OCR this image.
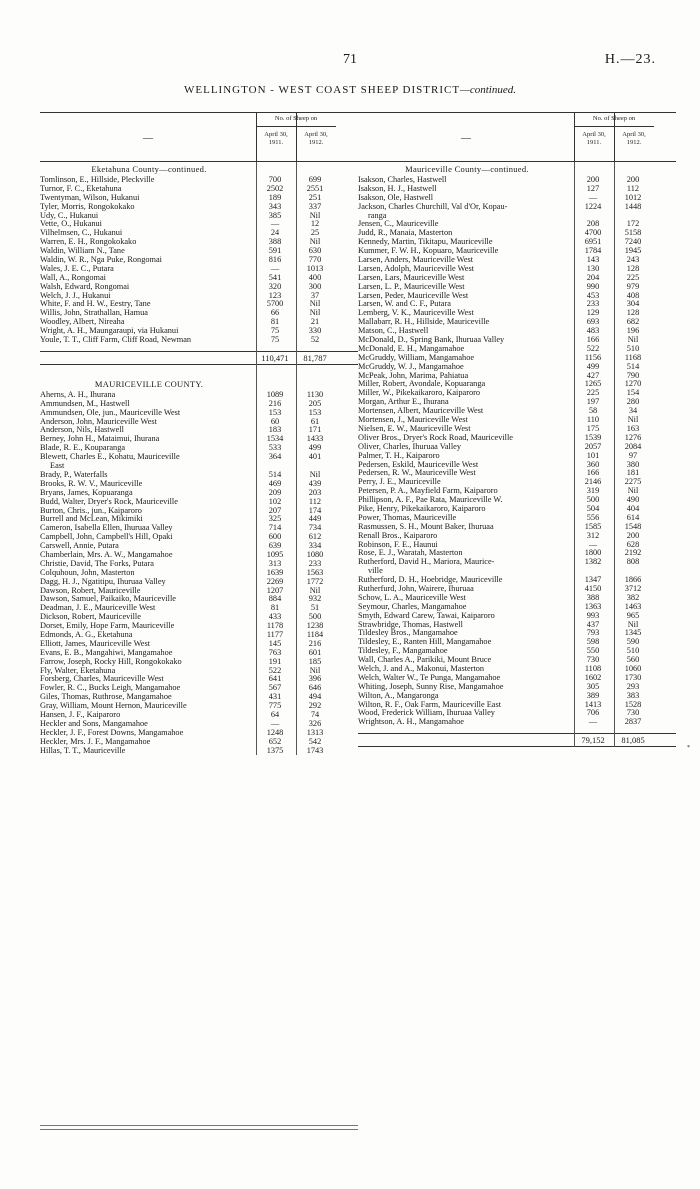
71	H.—23.
WELLINGTON - WEST COAST SHEEP DISTRICT—continued.
—
No. of Sheep on
April 30,
1911.
April 30,
1912.
Eketahuna County—continued.
Tomlinson, E., Hillside, Pleckville	700	699
Turnor, F. C., Eketahuna	2502	2551
Twentyman, Wilson, Hukanui	189	251
Tyler, Morris, Rongokokako	343	337
Udy, C., Hukanui	385	Nil
Vette, O., Hukanui	—	12
Vilhelmsen, C., Hukanui	24	25
Warren, E. H., Rongokokako	388	Nil
Waldin, William N., Tane	591	630
Waldin, W. R., Nga Puke, Rongomai	816	770
Wales, J. E. C., Putara	—	1013
Wall, A., Rongomai	541	400
Walsh, Edward, Rongomai	320	300
Welch, J. J., Hukanui	123	37
White, F. and H. W., Eestry, Tane	5700	Nil
Willis, John, Strathallan, Hamua	66	Nil
Woodley, Albert, Nireaha	81	21
Wright, A. H., Maungaraupi, via Hukanui	75	330
Youle, T. T., Cliff Farm, Cliff Road, Newman	75	52
110,471	81,787
MAURICEVILLE COUNTY.
Aherns, A. H., Ihurana	1089	1130
Ammundsen, M., Hastwell	216	205
Ammundsen, Ole, jun., Mauriceville West	153	153
Anderson, John, Mauriceville West	60	61
Anderson, Nils, Hastwell	183	171
Berney, John H., Mataimui, Ihurana	1534	1433
Blade, R. E., Kouparanga	533	499
Blewett, Charles E., Kohatu, Mauriceville	364	401
East
Brady, P., Waterfalls	514	Nil
Brooks, R. W. V., Mauriceville	469	439
Bryans, James, Kopuaranga	209	203
Budd, Walter, Dryer's Rock, Mauriceville	102	112
Burton, Chris., jun., Kaiparoro	207	174
Burrell and McLean, Mikimiki	325	449
Cameron, Isabella Ellen, Ihuruaa Valley	714	734
Campbell, John, Campbell's Hill, Opaki	600	612
Carswell, Annie, Putara	639	334
Chamberlain, Mrs. A. W., Mangamahoe	1095	1080
Christie, David, The Forks, Putara	313	233
Colquhoun, John, Masterton	1639	1563
Dagg, H. J., Ngatitipu, Ihuruaa Valley	2269	1772
Dawson, Robert, Mauriceville	1207	Nil
Dawson, Samuel, Paikaiko, Mauriceville	884	932
Deadman, J. E., Mauriceville West	81	51
Dickson, Robert, Mauriceville	433	500
Dorset, Emily, Hope Farm, Mauriceville	1178	1238
Edmonds, A. G., Eketahuna	1177	1184
Elliott, James, Mauriceville West	145	216
Evans, E. B., Mangahiwi, Mangamahoe	763	601
Farrow, Joseph, Rocky Hill, Rongokokako	191	185
Fly, Walter, Eketahuna	522	Nil
Forsberg, Charles, Mauriceville West	641	396
Fowler, R. C., Bucks Leigh, Mangamahoe	567	646
Giles, Thomas, Ruthrose, Mangamahoe	431	494
Gray, William, Mount Hernon, Mauriceville	775	292
Hansen, J. F., Kaiparoro	64	74
Heckler and Sons, Mangamahoe	—	326
Heckler, J. F., Forest Downs, Mangamahoe	1248	1313
Heckler, Mrs. J. F., Mangamahoe	652	542
Hillas, T. T., Mauriceville	1375	1743
—
No. of Sheep on
April 30,
1911.
April 30,
1912.
Mauriceville County—continued.
Isakson, Charles, Hastwell	200	200
Isakson, H. J., Hastwell	127	112
Isakson, Ole, Hastwell	—	1012
Jackson, Charles Churchill, Val d'Or, Kopau-	1224	1448
ranga
Jensen, C., Mauriceville	208	172
Judd, R., Manaia, Masterton	4700	5158
Kennedy, Martin, Tikitapu, Mauriceville	6951	7240
Kummer, F. W. H., Kopuaro, Mauriceville	1784	1945
Larsen, Anders, Mauriceville West	143	243
Larsen, Adolph, Mauriceville West	130	128
Larsen, Lars, Mauriceville West	204	225
Larsen, L. P., Mauriceville West	990	979
Larsen, Peder, Mauriceville West	453	408
Larsen, W. and C. F., Putara	233	304
Lemberg, V. K., Mauriceville West	129	128
Mallabarr, R. H., Hillside, Mauriceville	693	682
Matson, C., Hastwell	483	196
McDonald, D., Spring Bank, Ihuruaa Valley	166	Nil
McDonald, E. H., Mangamahoe	522	510
McGruddy, William, Mangamahoe	1156	1168
McGruddy, W. J., Mangamahoe	499	514
McPeak, John, Marima, Pahiatua	427	790
Miller, Robert, Avondale, Kopuaranga	1265	1270
Miller, W., Pikekaikaroro, Kaiparoro	225	154
Morgan, Arthur E., Ihurana	197	280
Mortensen, Albert, Mauriceville West	58	34
Mortensen, J., Mauriceville West	110	Nil
Nielsen, E. W., Mauriceville West	175	163
Oliver Bros., Dryer's Rock Road, Mauriceville	1539	1276
Oliver, Charles, Ihuruaa Valley	2057	2084
Palmer, T. H., Kaiparoro	101	97
Pedersen, Eskild, Mauriceville West	360	380
Pedersen, R. W., Mauriceville West	166	181
Perry, J. E., Mauriceville	2146	2275
Petersen, P. A., Mayfield Farm, Kaiparoro	319	Nil
Phillipson, A. F., Pae Rata, Mauriceville W.	500	490
Pike, Henry, Pikekaikaroro, Kaiparoro	504	404
Power, Thomas, Mauriceville	556	614
Rasmussen, S. H., Mount Baker, Ihuruaa	1585	1548
Renall Bros., Kaiparoro	312	200
Robinson, F. E., Haunui	—	628
Rose, E. J., Waratah, Masterton	1800	2192
Rutherford, David H., Mariora, Maurice-	1382	808
ville
Rutherford, D. H., Hoebridge, Mauriceville	1347	1866
Rutherfurd, John, Wairere, Ihuruaa	4150	3712
Schow, L. A., Mauriceville West	388	382
Seymour, Charles, Mangamahoe	1363	1463
Smyth, Edward Carew, Tawai, Kaiparoro	993	965
Strawbridge, Thomas, Hastwell	437	Nil
Tildesley Bros., Mangamahoe	793	1345
Tildesley, E., Ranten Hill, Mangamahoe	598	590
Tildesley, F., Mangamahoe	550	510
Wall, Charles A., Parikiki, Mount Bruce	730	560
Welch, J. and A., Makonui, Masterton	1108	1060
Welch, Walter W., Te Punga, Mangamahoe	1602	1730
Whiting, Joseph, Sunny Rise, Mangamahoe	305	293
Wilton, A., Mangaronga	389	383
Wilton, R. F., Oak Farm, Mauriceville East	1413	1528
Wood, Frederick William, Ihuruaa Valley	706	730
Wrightson, A. H., Mangamahoe	—	2837
79,152	81,085
*
